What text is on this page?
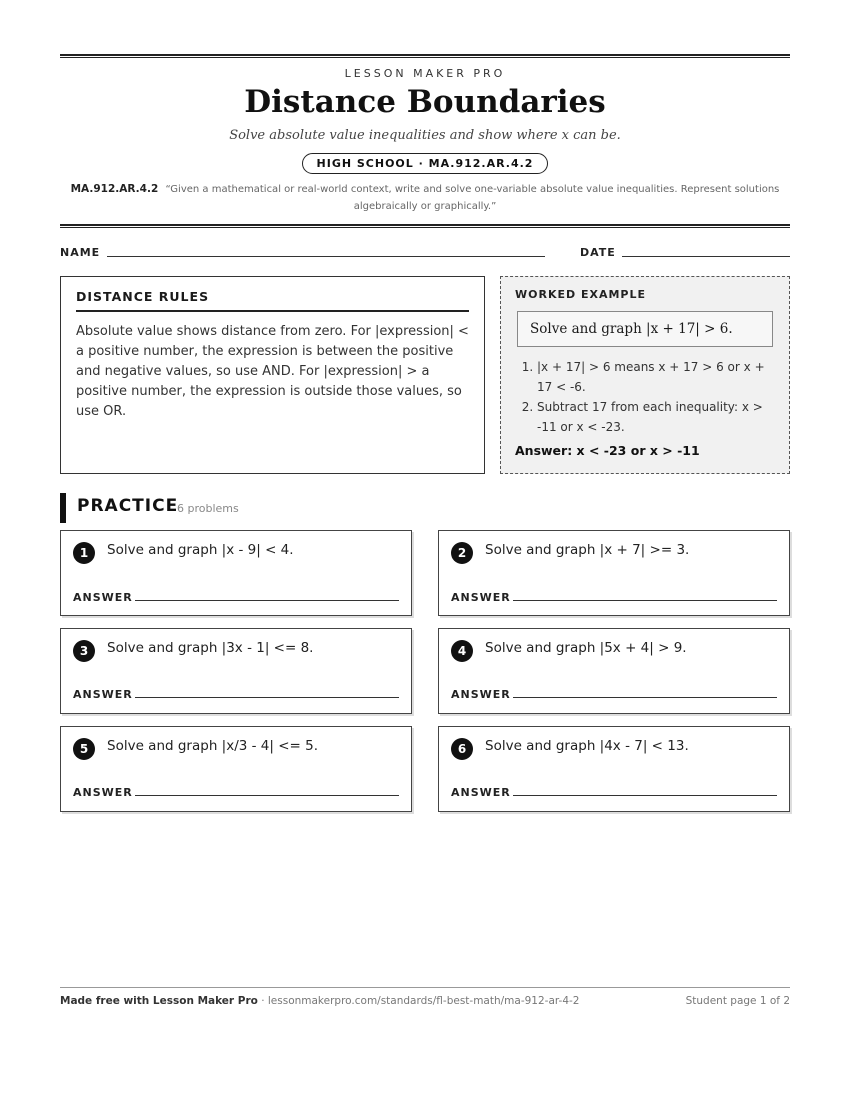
LESSON MAKER PRO
Distance Boundaries
Solve absolute value inequalities and show where x can be.
HIGH SCHOOL · MA.912.AR.4.2
MA.912.AR.4.2 “Given a mathematical or real-world context, write and solve one-variable absolute value inequalities. Represent solutions algebraically or graphically.”
NAME	DATE
DISTANCE RULES
Absolute value shows distance from zero. For |expression| < a positive number, the expression is between the positive and negative values, so use AND. For |expression| > a positive number, the expression is outside those values, so use OR.
WORKED EXAMPLE
Solve and graph |x + 17| > 6.
1. |x + 17| > 6 means x + 17 > 6 or x + 17 < -6.
2. Subtract 17 from each inequality: x > -11 or x < -23.
Answer: x < -23 or x > -11
PRACTICE
6 problems
1	Solve and graph |x - 9| < 4.
ANSWER
2	Solve and graph |x + 7| >= 3.
ANSWER
3	Solve and graph |3x - 1| <= 8.
ANSWER
4	Solve and graph |5x + 4| > 9.
ANSWER
5	Solve and graph |x/3 - 4| <= 5.
ANSWER
6	Solve and graph |4x - 7| < 13.
ANSWER
Made free with Lesson Maker Pro · lessonmakerpro.com/standards/fl-best-math/ma-912-ar-4-2	Student page 1 of 2
